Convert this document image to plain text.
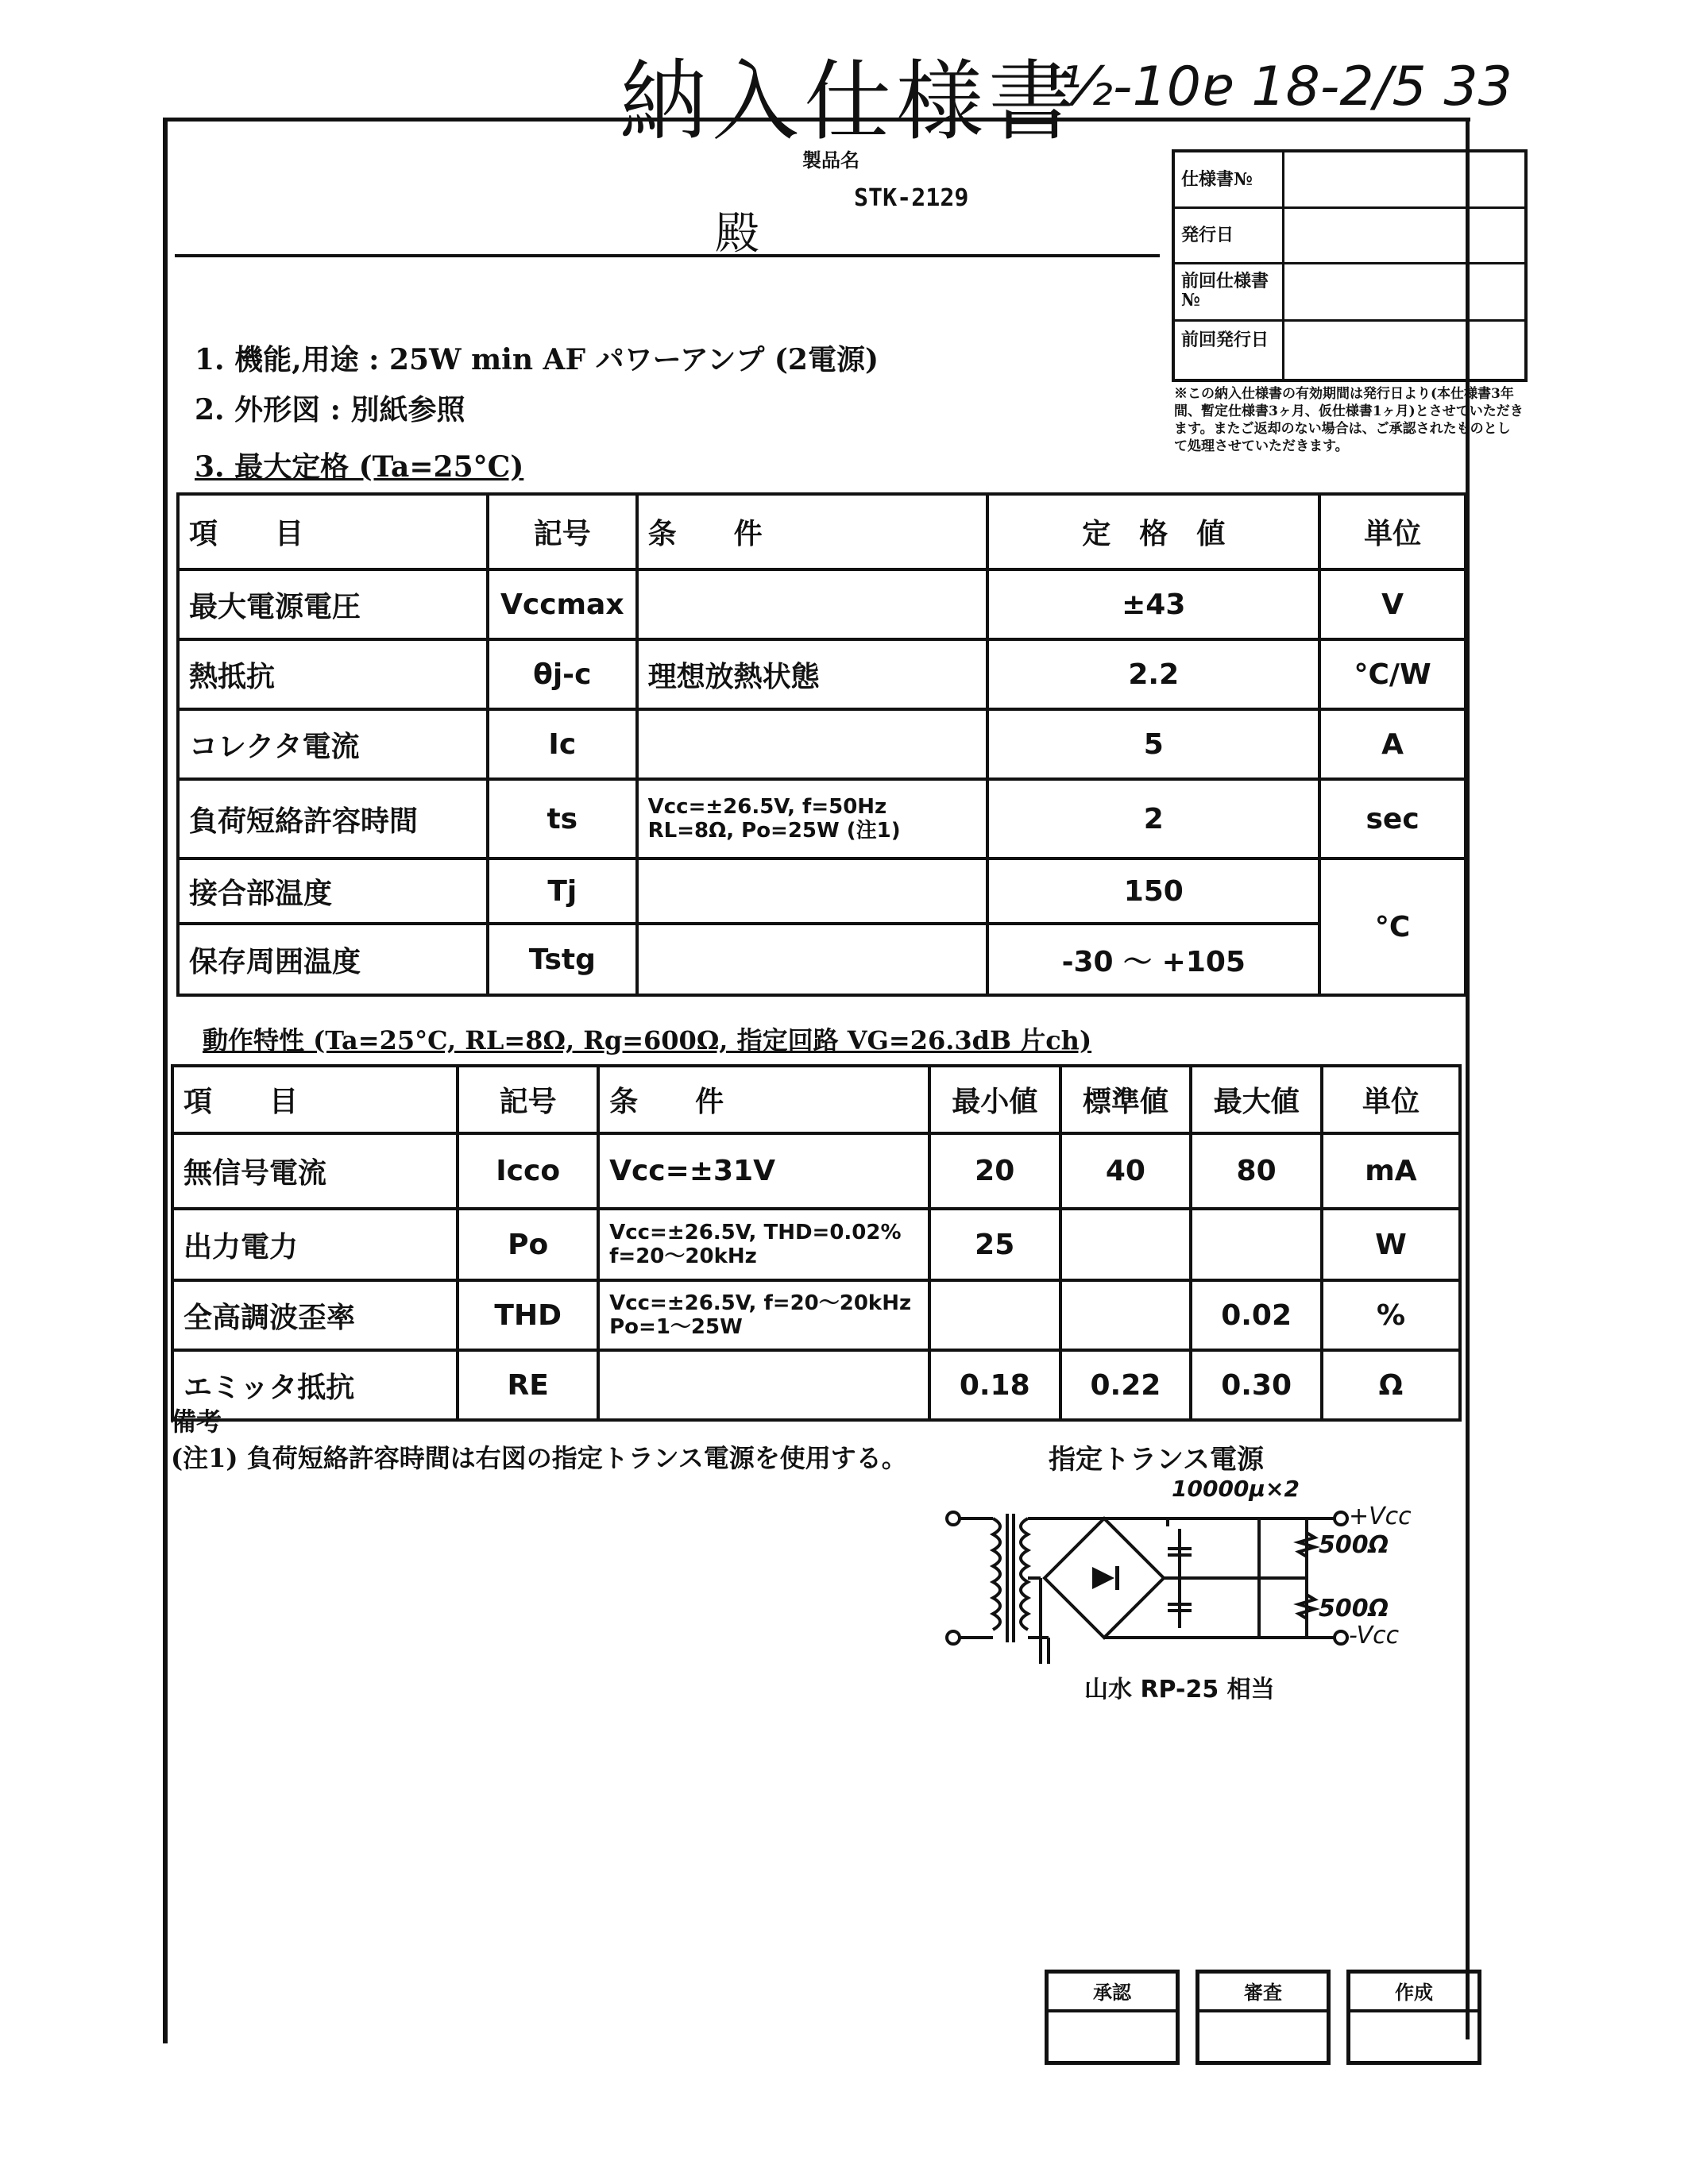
納入仕様書
½-10ɐ 18-2/5 33
製品名
STK-2129
殿
仕様書№
発行日
前回仕様書№
前回発行日
※この納入仕様書の有効期間は発行日より(本仕様書3年間、暫定仕様書3ヶ月、仮仕様書1ヶ月)とさせていただきます。またご返却のない場合は、ご承認されたものとして処理させていただきます。
1. 機能,用途 : 25W min AF パワーアンプ (2電源)
2. 外形図 : 別紙参照
3. 最大定格 (Ta=25°C)
項　　目	記号	条　　件	定　格　値	単位
最大電源電圧	Vccmax		±43	V
熱抵抗	θj-c	理想放熱状態	2.2	°C/W
コレクタ電流	Ic		5	A
負荷短絡許容時間	ts	Vcc=±26.5V, f=50Hz RL=8Ω, Po=25W (注1)	2	sec
接合部温度	Tj		150	°C
保存周囲温度	Tstg		-30 ～ +105	
動作特性 (Ta=25°C, RL=8Ω, Rg=600Ω, 指定回路 VG=26.3dB 片ch)
項　　目	記号	条　　件	最小値	標準値	最大値	単位
無信号電流	Icco	Vcc=±31V	20	40	80	mA
出力電力	Po	Vcc=±26.5V, THD=0.02% f=20～20kHz	25			W
全高調波歪率	THD	Vcc=±26.5V, f=20～20kHz Po=1～25W			0.02	%
エミッタ抵抗	RE		0.18	0.22	0.30	Ω
備考
(注1) 負荷短絡許容時間は右図の指定トランス電源を使用する。	指定トランス電源
10000μ×2
+Vcc
-Vcc
500Ω
500Ω
山水 RP-25 相当
承認	審査	作成
